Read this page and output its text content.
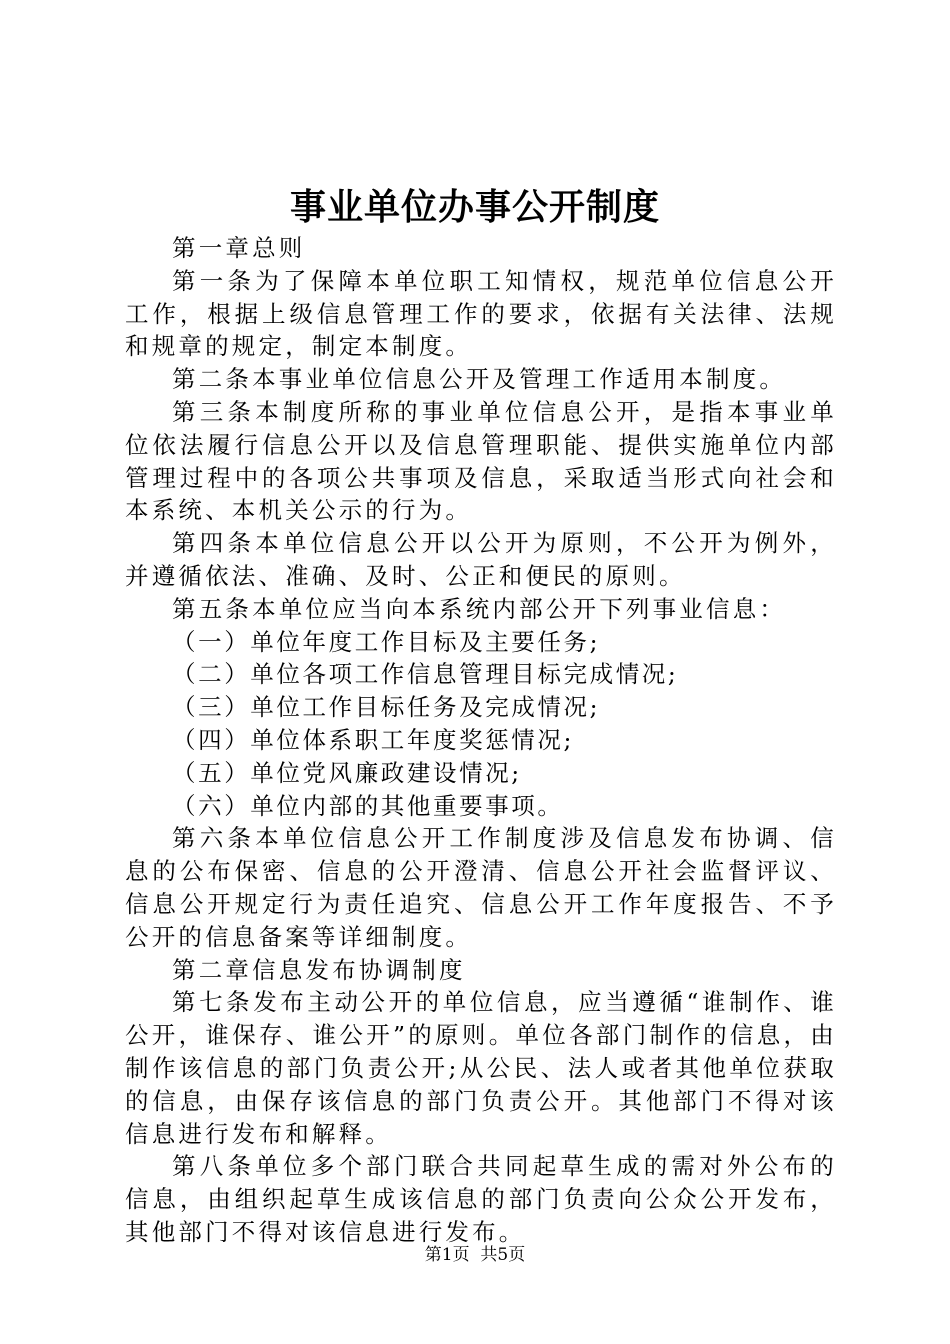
事业单位办事公开制度

第一章总则

第一条为了保障本单位职工知情权，规范单位信息公开工作，根据上级信息管理工作的要求，依据有关法律、法规和规章的规定，制定本制度。

第二条本事业单位信息公开及管理工作适用本制度。

第三条本制度所称的事业单位信息公开，是指本事业单位依法履行信息公开以及信息管理职能、提供实施单位内部管理过程中的各项公共事项及信息，采取适当形式向社会和本系统、本机关公示的行为。

第四条本单位信息公开以公开为原则，不公开为例外，并遵循依法、准确、及时、公正和便民的原则。

第五条本单位应当向本系统内部公开下列事业信息：

（一）单位年度工作目标及主要任务;

（二）单位各项工作信息管理目标完成情况;

（三）单位工作目标任务及完成情况;

（四）单位体系职工年度奖惩情况;

（五）单位党风廉政建设情况;

（六）单位内部的其他重要事项。

第六条本单位信息公开工作制度涉及信息发布协调、信息的公布保密、信息的公开澄清、信息公开社会监督评议、信息公开规定行为责任追究、信息公开工作年度报告、不予公开的信息备案等详细制度。

第二章信息发布协调制度

第七条发布主动公开的单位信息，应当遵循“谁制作、谁公开，谁保存、谁公开”的原则。单位各部门制作的信息，由制作该信息的部门负责公开;从公民、法人或者其他单位获取的信息，由保存该信息的部门负责公开。其他部门不得对该信息进行发布和解释。

第八条单位多个部门联合共同起草生成的需对外公布的信息，由组织起草生成该信息的部门负责向公众公开发布，其他部门不得对该信息进行发布。

第1页  共5页
